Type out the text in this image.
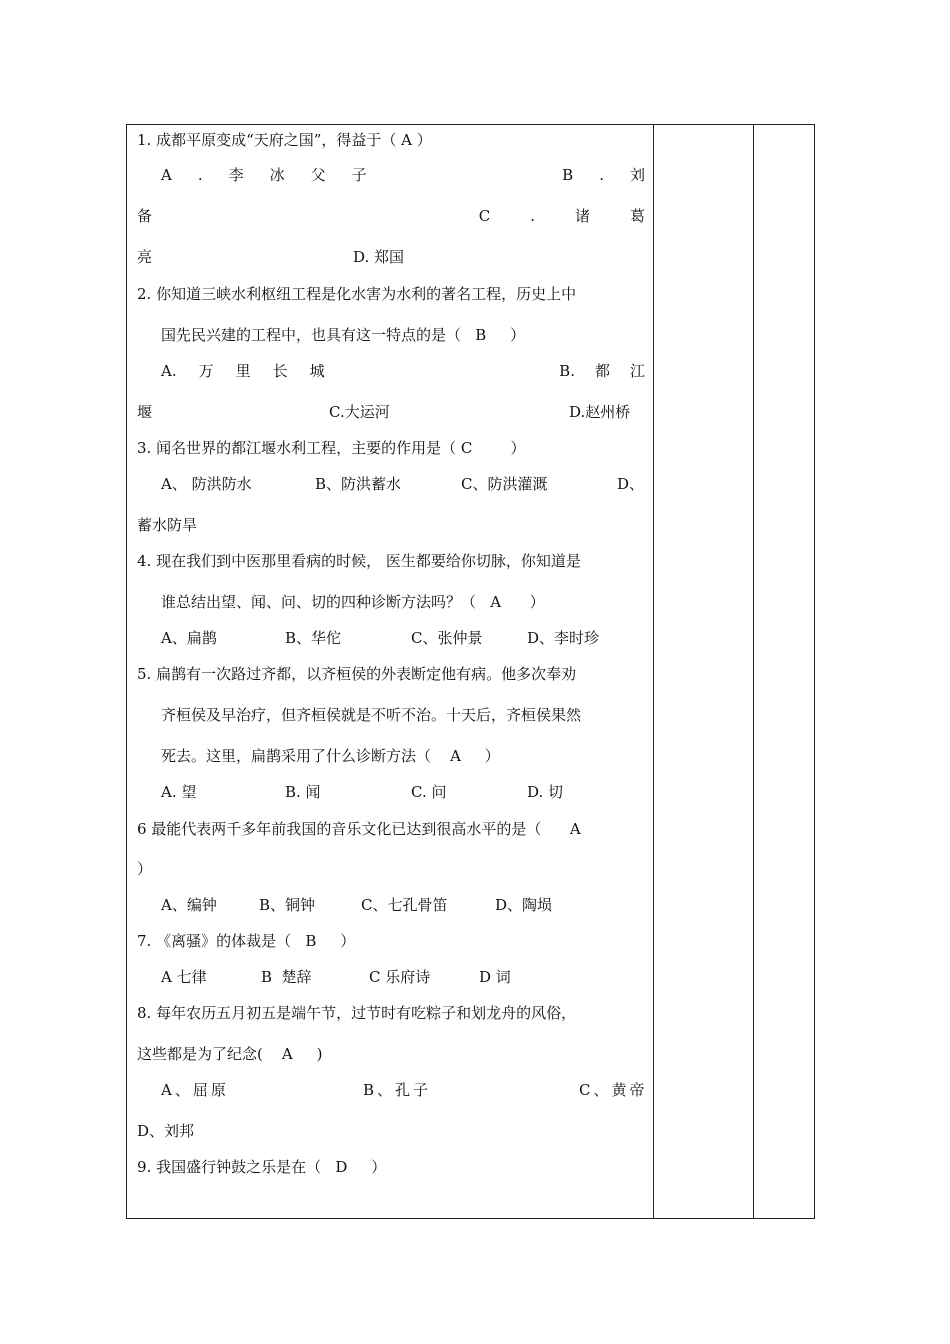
1. 成都平原变成“天府之国”，得益于（ A ）
A . 李 冰 父 子	B . 刘
备	C	.	诸	葛
亮	D. 郑国
2. 你知道三峡水利枢纽工程是化水害为水利的著名工程，历史上中
国先民兴建的工程中，也具有这一特点的是（   B     ）
A. 万 里 长 城	B. 都 江
堰	C.大运河	D.赵州桥
3. 闻名世界的都江堰水利工程，主要的作用是（ C        ）
A、 防洪防水	B、防洪蓄水	C、防洪灌溉	D、
蓄水防旱
4. 现在我们到中医那里看病的时候， 医生都要给你切脉，你知道是
谁总结出望、闻、问、切的四种诊断方法吗？（   A      ）
A、扁鹊	B、华佗	C、张仲景	D、李时珍
5. 扁鹊有一次路过齐都，以齐桓侯的外表断定他有病。他多次奉劝
齐桓侯及早治疗，但齐桓侯就是不听不治。十天后，齐桓侯果然
死去。这里，扁鹊采用了什么诊断方法（    A     ）
A. 望	B. 闻	C. 问	D. 切
6 最能代表两千多年前我国的音乐文化已达到很高水平的是（      A
）
A、编钟	B、铜钟	C、七孔骨笛	D、陶埙
7. 《离骚》的体裁是（   B     ）
A 七律	B  楚辞	C 乐府诗	D 词
8. 每年农历五月初五是端午节，过节时有吃粽子和划龙舟的风俗，
这些都是为了纪念(    A     )
A、屈原	B、孔子	C、黄帝
D、刘邦
9. 我国盛行钟鼓之乐是在（   D     ）
